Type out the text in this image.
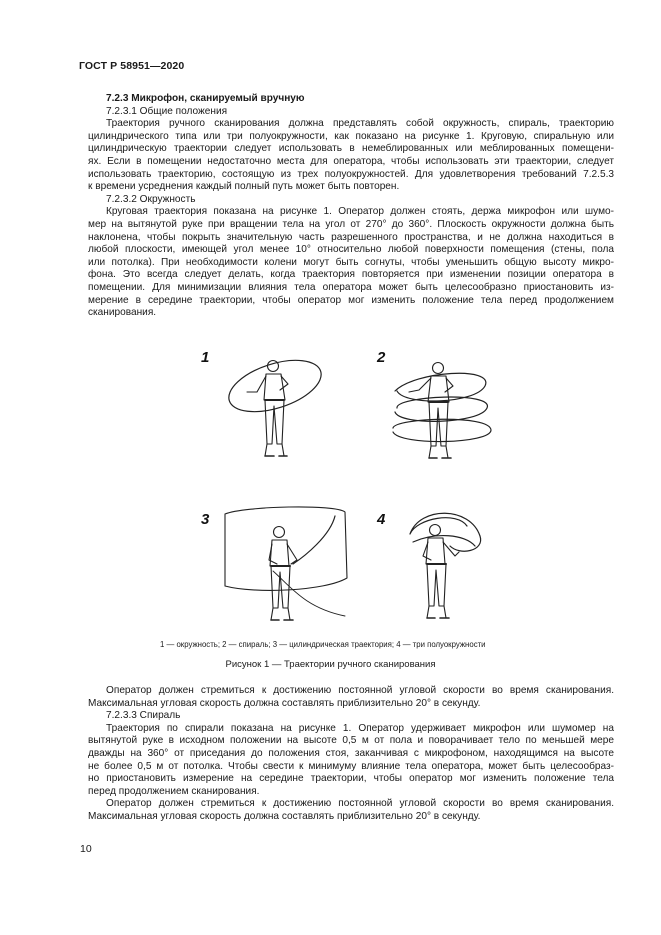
ГОСТ Р 58951—2020
7.2.3 Микрофон, сканируемый вручную
7.2.3.1 Общие положения
Траектория ручного сканирования должна представлять собой окружность, спираль, траекторию
цилиндрического типа или три полуокружности, как показано на рисунке 1. Круговую, спиральную или
цилиндрическую траектории следует использовать в немеблированных или меблированных помещени-
ях. Если в помещении недостаточно места для оператора, чтобы использовать эти траектории, следует
использовать траекторию, состоящую из трех полуокружностей. Для удовлетворения требований 7.2.5.3
к времени усреднения каждый полный путь может быть повторен.
7.2.3.2 Окружность
Круговая траектория показана на рисунке 1. Оператор должен стоять, держа микрофон или шумо-
мер на вытянутой руке при вращении тела на угол от 270° до 360°. Плоскость окружности должна быть
наклонена, чтобы покрыть значительную часть разрешенного пространства, и не должна находиться в
любой плоскости, имеющей угол менее 10° относительно любой поверхности помещения (стены, пола
или потолка). При необходимости колени могут быть согнуты, чтобы уменьшить общую высоту микро-
фона. Это всегда следует делать, когда траектория повторяется при изменении позиции оператора в
помещении. Для минимизации влияния тела оператора может быть целесообразно приостановить из-
мерение в середине траектории, чтобы оператор мог изменить положение тела перед продолжением
сканирования.
1	2
3	4
1 — окружность; 2 — спираль; 3 — цилиндрическая траектория; 4 — три полуокружности
Рисунок 1 — Траектории ручного сканирования
Оператор должен стремиться к достижению постоянной угловой скорости во время сканирования.
Максимальная угловая скорость должна составлять приблизительно 20° в секунду.
7.2.3.3 Спираль
Траектория по спирали показана на рисунке 1. Оператор удерживает микрофон или шумомер на
вытянутой руке в исходном положении на высоте 0,5 м от пола и поворачивает тело по меньшей мере
дважды на 360° от приседания до положения стоя, заканчивая с микрофоном, находящимся на высоте
не более 0,5 м от потолка. Чтобы свести к минимуму влияние тела оператора, может быть целесообраз-
но приостановить измерение на середине траектории, чтобы оператор мог изменить положение тела
перед продолжением сканирования.
Оператор должен стремиться к достижению постоянной угловой скорости во время сканирования.
Максимальная угловая скорость должна составлять приблизительно 20° в секунду.
10
